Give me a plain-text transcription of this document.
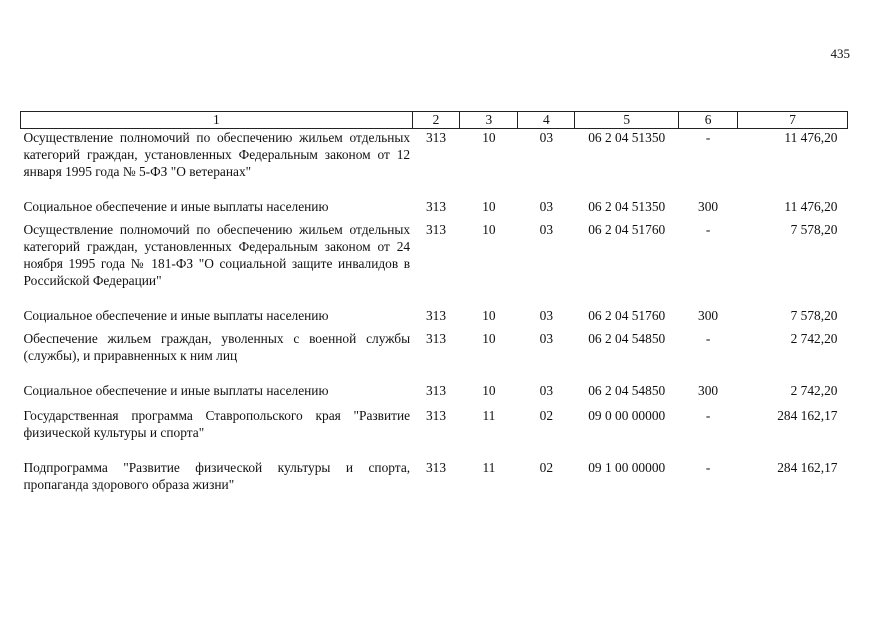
435
1	2	3	4	5	6	7
Осуществление полномочий по обеспечению жильем отдельных категорий граждан, установленных Федеральным законом от 12 января 1995 года № 5-ФЗ "О ветеранах"	313	10	03	06 2 04 51350	-	11 476,20

Социальное обеспечение и иные выплаты населению	313	10	03	06 2 04 51350	300	11 476,20

Осуществление полномочий по обеспечению жильем отдельных категорий граждан, установленных Федеральным законом от 24 ноября 1995 года № 181-ФЗ "О социальной защите инвалидов в Российской Федерации"	313	10	03	06 2 04 51760	-	7 578,20

Социальное обеспечение и иные выплаты населению	313	10	03	06 2 04 51760	300	7 578,20

Обеспечение жильем граждан, уволенных с военной службы (службы), и приравненных к ним лиц	313	10	03	06 2 04 54850	-	2 742,20

Социальное обеспечение и иные выплаты населению	313	10	03	06 2 04 54850	300	2 742,20

Государственная программа Ставропольского края "Развитие физической культуры и спорта"	313	11	02	09 0 00 00000	-	284 162,17

Подпрограмма "Развитие физической культуры и спорта, пропаганда здорового образа жизни"	313	11	02	09 1 00 00000	-	284 162,17
